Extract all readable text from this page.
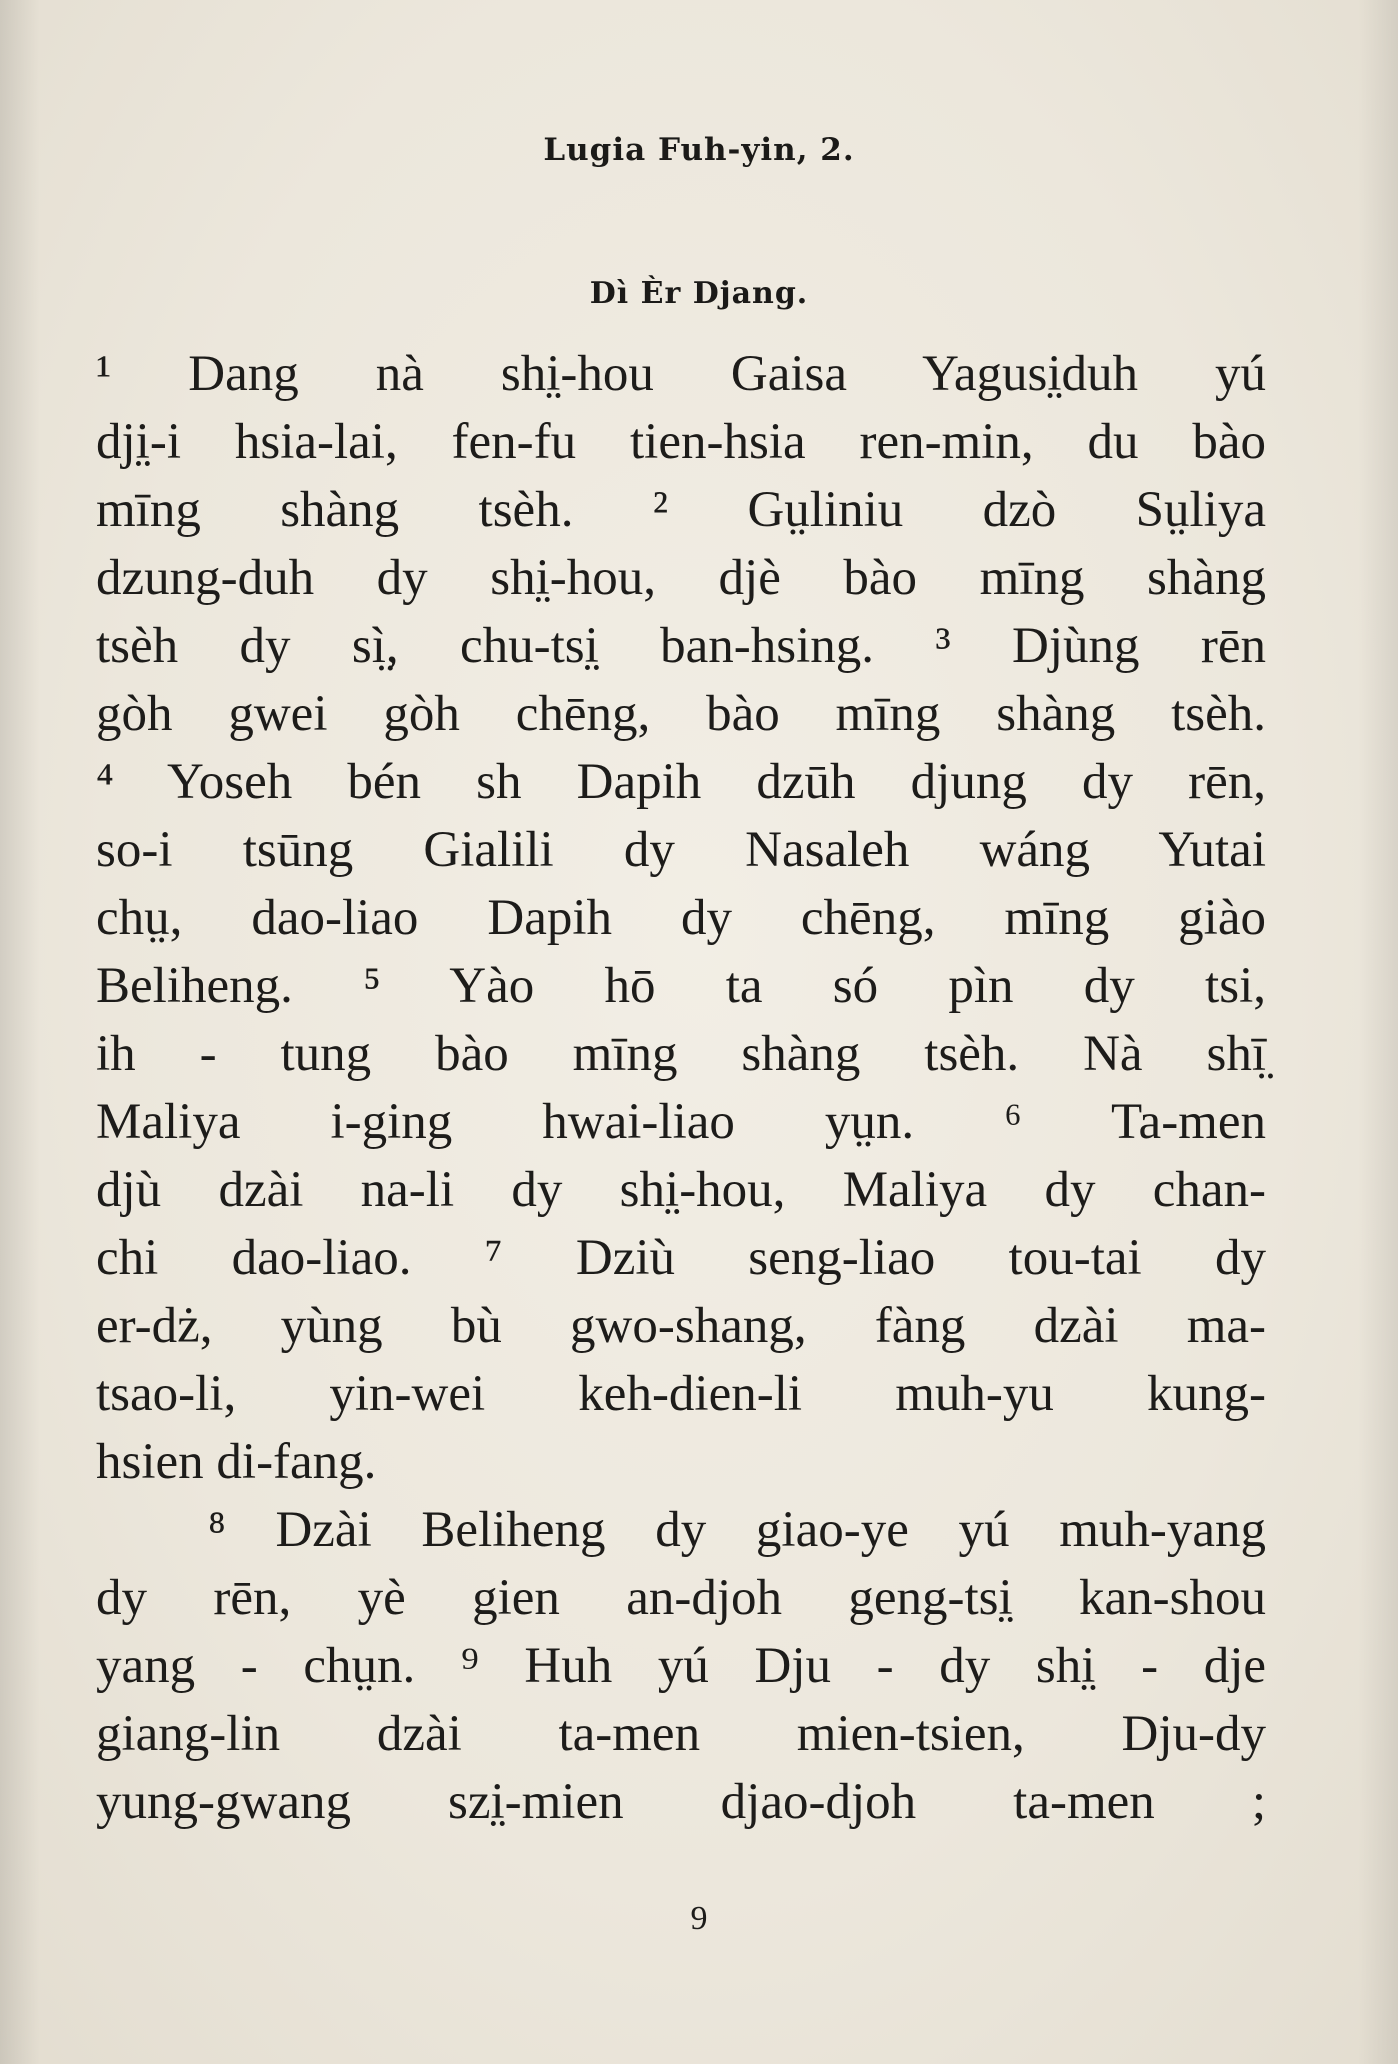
Lugia Fuh-yin, 2.
Dì Èr Djang.
¹ Dang nà shi̤-hou Gaisa Yagusi̤duh yú
dji̤-i hsia-lai, fen-fu tien-hsia ren-min, du bào
mīng shàng tsèh. ² Gṳliniu dzò Sṳliya
dzung-duh dy shi̤-hou, djè bào mīng shàng
tsèh dy sì̤, chu-tsi̤ ban-hsing. ³ Djùng rēn
gòh gwei gòh chēng, bào mīng shàng tsèh.
⁴ Yoseh bén sh Dapih dzūh djung dy rēn,
so-i tsūng Gialili dy Nasaleh wáng Yutai
chṳ, dao-liao Dapih dy chēng, mīng giào
Beliheng. ⁵ Yào hō ta só pìn dy tsi,
ih - tung bào mīng shàng tsèh. Nà shī̤
Maliya i-ging hwai-liao yṳn. ⁶ Ta-men
djù dzài na-li dy shi̤-hou, Maliya dy chan-
chi dao-liao. ⁷ Dziù seng-liao tou-tai dy
er-dż, yùng bù gwo-shang, fàng dzài ma-
tsao-li, yin-wei keh-dien-li muh-yu kung-
hsien di-fang.
⁸ Dzài Beliheng dy giao-ye yú muh-yang
dy rēn, yè gien an-djoh geng-tsi̤ kan-shou
yang - chṳn. ⁹ Huh yú Dju - dy shi̤ - dje
giang-lin dzài ta-men mien-tsien, Dju-dy
yung-gwang szi̤-mien djao-djoh ta-men ;
9
